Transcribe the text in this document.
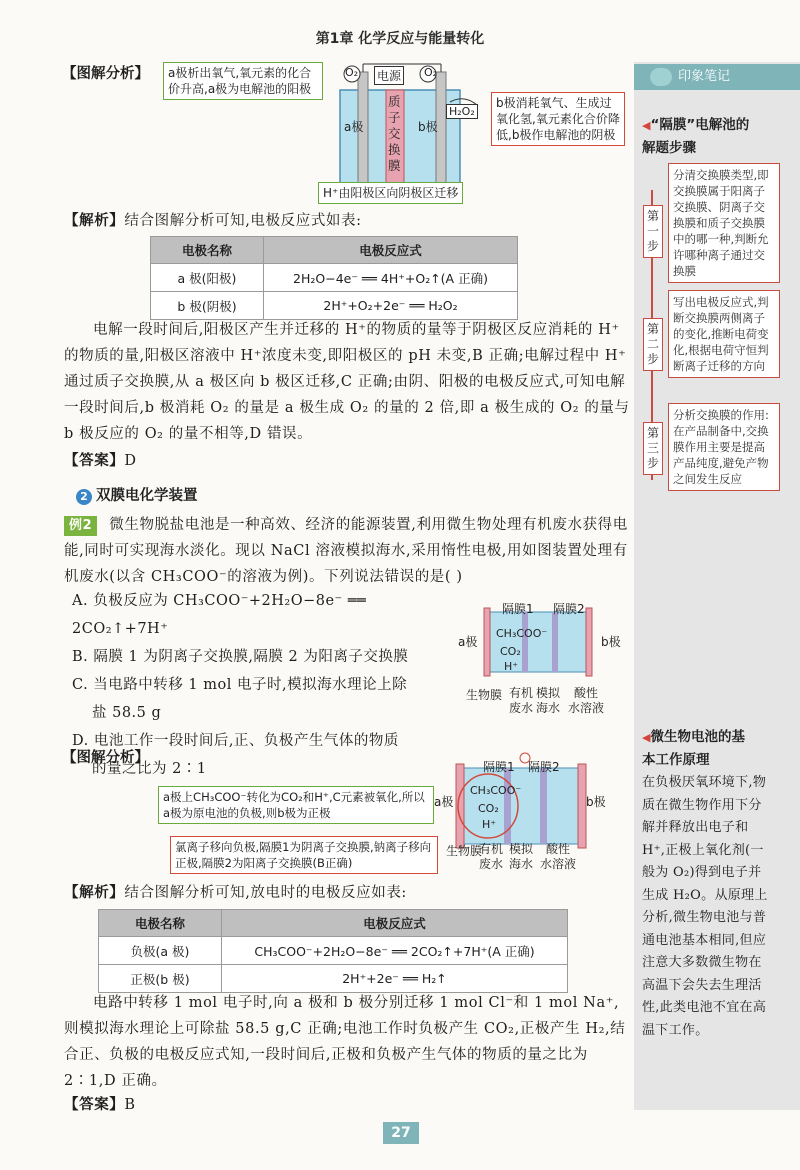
第1章 化学反应与能量转化
印象笔记
◀“隔膜”电解池的
解题步骤
第
一
步
分清交换膜类型,即交换膜属于阳离子交换膜、阴离子交换膜和质子交换膜中的哪一种,判断允许哪种离子通过交换膜
第
二
步
写出电极反应式,判断交换膜两侧离子的变化,推断电荷变化,根据电荷守恒判断离子迁移的方向
第
三
步
分析交换膜的作用:在产品制备中,交换膜作用主要是提高产品纯度,避免产物之间发生反应
◀微生物电池的基
本工作原理
在负极厌氧环境下,物质在微生物作用下分解并释放出电子和 H⁺,正极上氧化剂(一般为 O₂)得到电子并生成 H₂O。从原理上分析,微生物电池与普通电池基本相同,但应注意大多数微生物在高温下会失去生理活性,此类电池不宜在高温下工作。
【图解分析】	a极析出氧气,氧元素的化合价升高,a极为电解池的阳极
b极消耗氧气、生成过氧化氢,氧元素化合价降低,b极作电解池的阴极
O₂	O₂
电源
a极	b极
质子交换膜
H₂O₂
H⁺由阳极区向阴极区迁移
【解析】结合图解分析可知,电极反应式如表:
电极名称	电极反应式
a 极(阳极)	2H₂O−4e⁻ ══ 4H⁺+O₂↑(A 正确)
b 极(阴极)	2H⁺+O₂+2e⁻ ══ H₂O₂
电解一段时间后,阳极区产生并迁移的 H⁺的物质的量等于阴极区反应消耗的 H⁺的物质的量,阳极区溶液中 H⁺浓度未变,即阳极区的 pH 未变,B 正确;电解过程中 H⁺通过质子交换膜,从 a 极区向 b 极区迁移,C 正确;由阴、阳极的电极反应式,可知电解一段时间后,b 极消耗 O₂ 的量是 a 极生成 O₂ 的量的 2 倍,即 a 极生成的 O₂ 的量与 b 极反应的 O₂ 的量不相等,D 错误。
【答案】D
2 双膜电化学装置
例2 微生物脱盐电池是一种高效、经济的能源装置,利用微生物处理有机废水获得电能,同时可实现海水淡化。现以 NaCl 溶液模拟海水,采用惰性电极,用如图装置处理有机废水(以含 CH₃COO⁻的溶液为例)。下列说法错误的是( )
A. 负极反应为 CH₃COO⁻+2H₂O−8e⁻ ══ 2CO₂↑+7H⁺
B. 隔膜 1 为阴离子交换膜,隔膜 2 为阳离子交换膜
C. 当电路中转移 1 mol 电子时,模拟海水理论上除
盐 58.5 g
D. 电池工作一段时间后,正、负极产生气体的物质
的量之比为 2∶1
隔膜1 隔膜2
a极	b极
CH₃COO⁻
CO₂
H⁺
生物膜 有机
废水
模拟
海水
酸性
水溶液
【图解分析】
隔膜1 隔膜2
a极	b极
CH₃COO⁻
CO₂
H⁺
生物膜
有机
废水
模拟
海水
酸性
水溶液
a极上CH₃COO⁻转化为CO₂和H⁺,C元素被氧化,所以a极为原电池的负极,则b极为正极
氯离子移向负极,隔膜1为阴离子交换膜,钠离子移向正极,隔膜2为阳离子交换膜(B正确)
【解析】结合图解分析可知,放电时的电极反应如表:
电极名称	电极反应式
负极(a 极)	CH₃COO⁻+2H₂O−8e⁻ ══ 2CO₂↑+7H⁺(A 正确)
正极(b 极)	2H⁺+2e⁻ ══ H₂↑
电路中转移 1 mol 电子时,向 a 极和 b 极分别迁移 1 mol Cl⁻和 1 mol Na⁺,则模拟海水理论上可除盐 58.5 g,C 正确;电池工作时负极产生 CO₂,正极产生 H₂,结合正、负极的电极反应式知,一段时间后,正极和负极产生气体的物质的量之比为 2∶1,D 正确。
【答案】B
27
